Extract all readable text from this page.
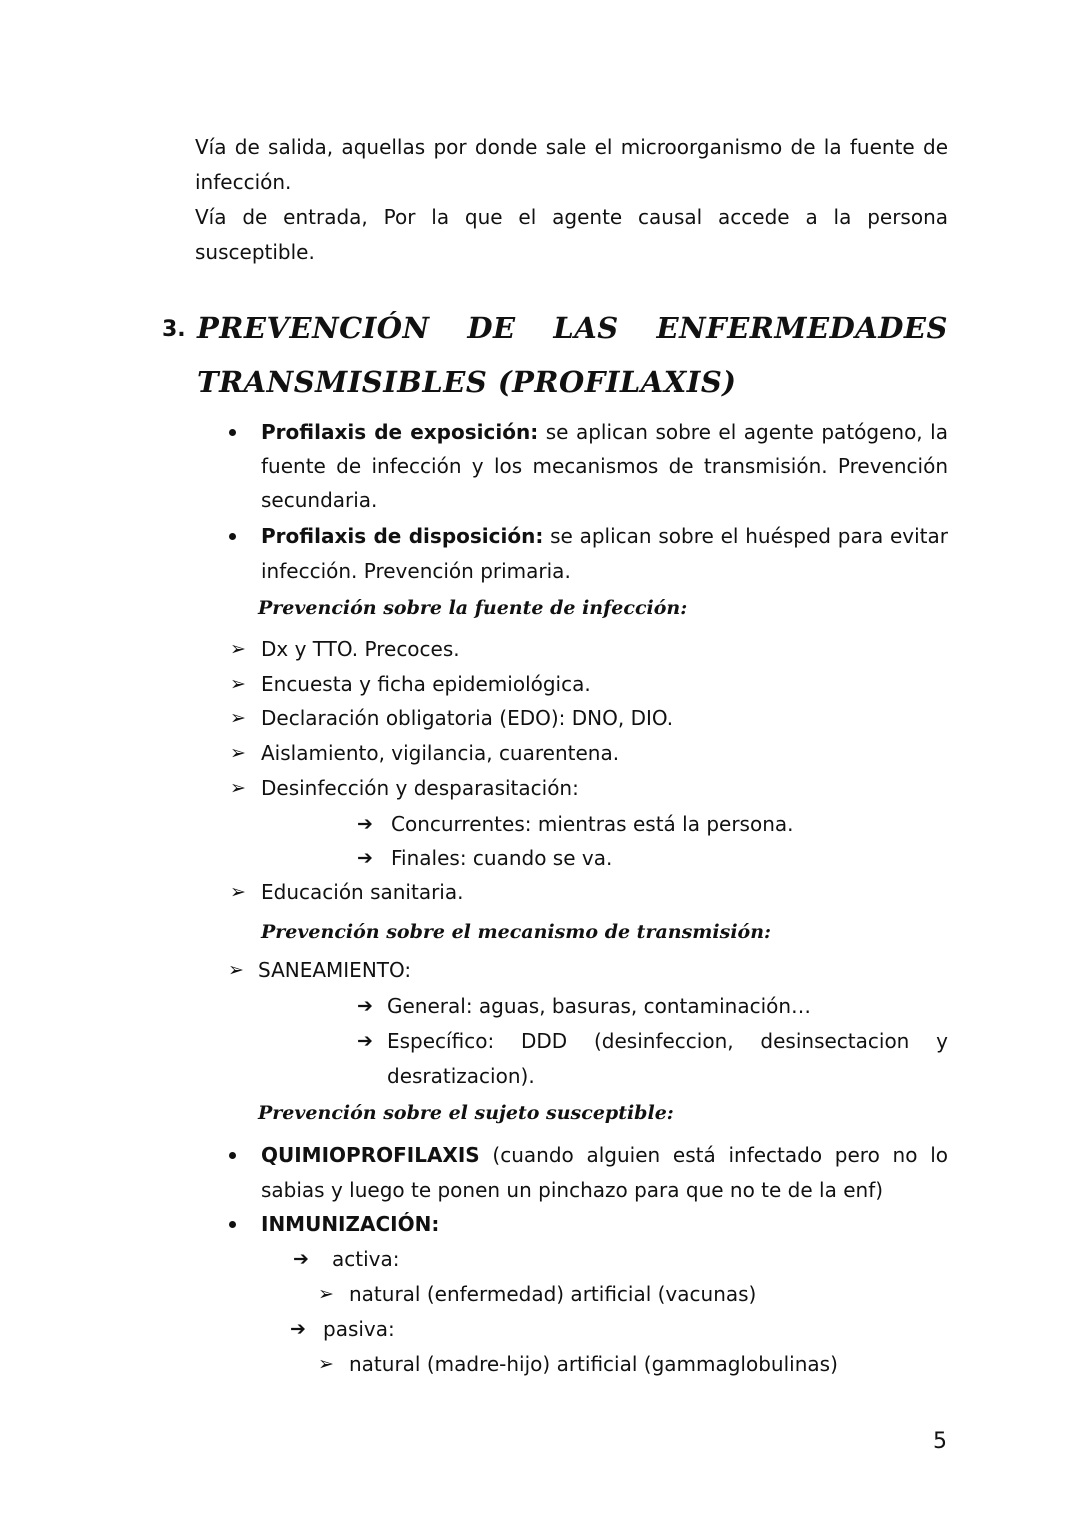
Vía de salida, aquellas por donde sale el microorganismo de la fuente de
infección.
Vía de entrada, Por la que el agente causal accede a la persona
susceptible.
3. PREVENCIÓN DE LAS ENFERMEDADES
TRANSMISIBLES (PROFILAXIS)
Profilaxis de exposición: se aplican sobre el agente patógeno, la
fuente de infección y los mecanismos de transmisión. Prevención
secundaria.
Profilaxis de disposición: se aplican sobre el huésped para evitar
infección. Prevención primaria.
Prevención sobre la fuente de infección:
➢ Dx y TTO. Precoces.
➢ Encuesta y ficha epidemiológica.
➢ Declaración obligatoria (EDO): DNO, DIO.
➢ Aislamiento, vigilancia, cuarentena.
➢ Desinfección y desparasitación:
➔ Concurrentes: mientras está la persona.
➔ Finales: cuando se va.
➢ Educación sanitaria.
Prevención sobre el mecanismo de transmisión:
➢ SANEAMIENTO:
➔ General: aguas, basuras, contaminación…
➔ Específico: DDD (desinfeccion, desinsectacion y
desratizacion).
Prevención sobre el sujeto susceptible:
QUIMIOPROFILAXIS (cuando alguien está infectado pero no lo
sabias y luego te ponen un pinchazo para que no te de la enf)
INMUNIZACIÓN:
➔ activa:
➢ natural (enfermedad) artificial (vacunas)
➔ pasiva:
➢ natural (madre-hijo) artificial (gammaglobulinas)
5
